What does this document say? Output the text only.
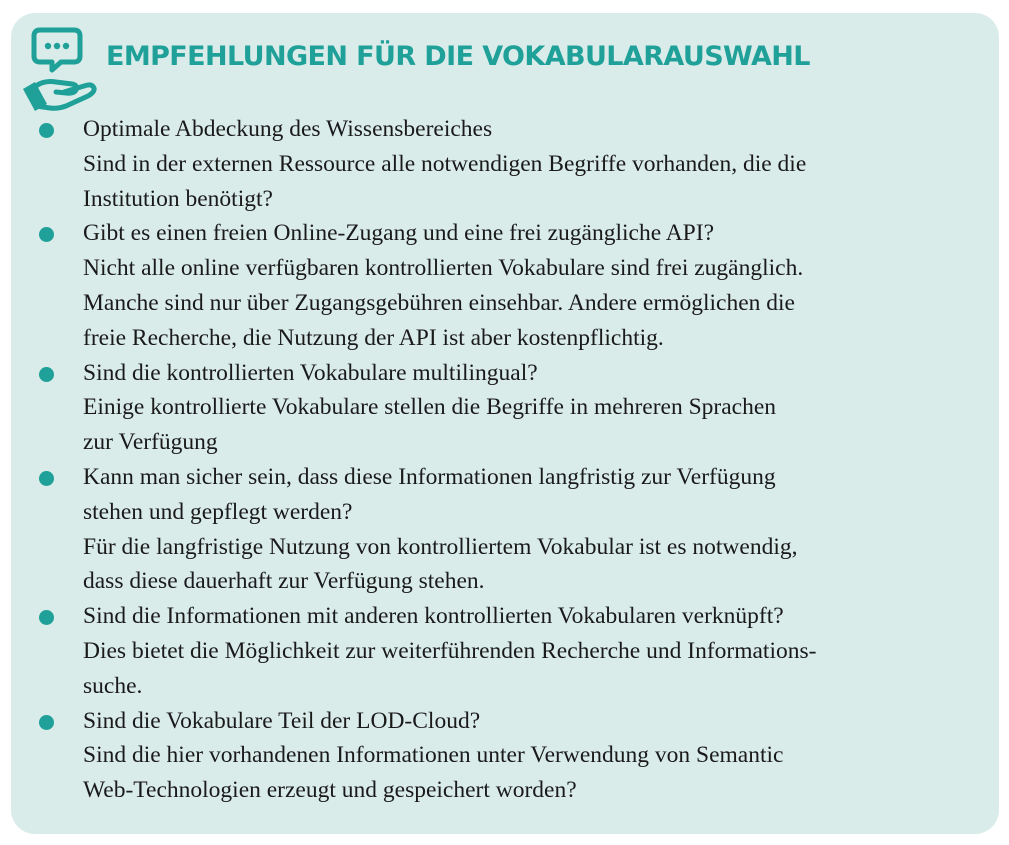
EMPFEHLUNGEN FÜR DIE VOKABULARAUSWAHL
Optimale Abdeckung des Wissensbereiches
Sind in der externen Ressource alle notwendigen Begriffe vorhanden, die die
Institution benötigt?
Gibt es einen freien Online-Zugang und eine frei zugängliche API?
Nicht alle online verfügbaren kontrollierten Vokabulare sind frei zugänglich.
Manche sind nur über Zugangsgebühren einsehbar. Andere ermöglichen die
freie Recherche, die Nutzung der API ist aber kostenpflichtig.
Sind die kontrollierten Vokabulare multilingual?
Einige kontrollierte Vokabulare stellen die Begriffe in mehreren Sprachen
zur Verfügung
Kann man sicher sein, dass diese Informationen langfristig zur Verfügung
stehen und gepflegt werden?
Für die langfristige Nutzung von kontrolliertem Vokabular ist es notwendig,
dass diese dauerhaft zur Verfügung stehen.
Sind die Informationen mit anderen kontrollierten Vokabularen verknüpft?
Dies bietet die Möglichkeit zur weiterführenden Recherche und Informations-
suche.
Sind die Vokabulare Teil der LOD-Cloud?
Sind die hier vorhandenen Informationen unter Verwendung von Semantic
Web-Technologien erzeugt und gespeichert worden?
